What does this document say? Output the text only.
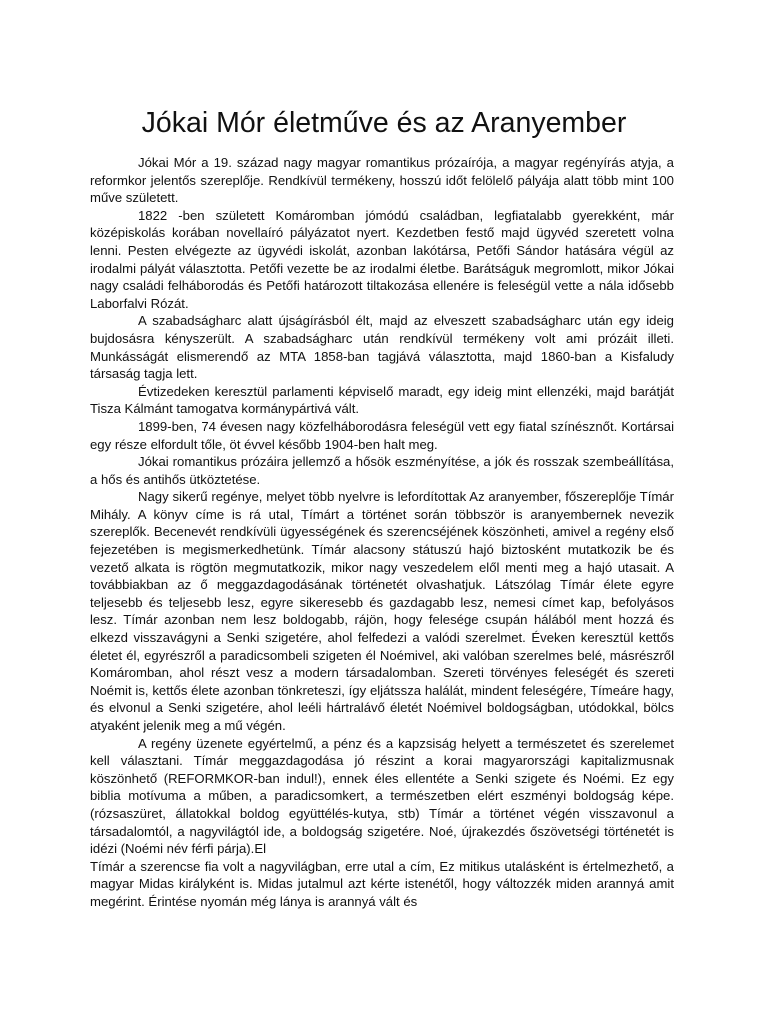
Jókai Mór életműve és az Aranyember

Jókai Mór a 19. század nagy magyar romantikus prózaírója, a magyar regényírás atyja, a reformkor jelentős szereplője. Rendkívül termékeny, hosszú időt felölelő pályája alatt több mint 100 műve született.

1822 -ben született Komáromban jómódú családban, legfiatalabb gyerekként, már középiskolás korában novellaíró pályázatot nyert. Kezdetben festő majd ügyvéd szeretett volna lenni. Pesten elvégezte az ügyvédi iskolát, azonban lakótársa, Petőfi Sándor hatására végül az irodalmi pályát választotta. Petőfi vezette be az irodalmi életbe. Barátságuk megromlott, mikor Jókai nagy családi felháborodás és Petőfi határozott tiltakozása ellenére is feleségül vette a nála idősebb Laborfalvi Rózát.

A szabadságharc alatt újságírásból élt, majd az elveszett szabadságharc után egy ideig bujdosásra kényszerült. A szabadságharc után rendkívül termékeny volt ami prózáit illeti. Munkásságát elismerendő az MTA 1858-ban tagjává választotta, majd 1860-ban a Kisfaludy társaság tagja lett.

Évtizedeken keresztül parlamenti képviselő maradt, egy ideig mint ellenzéki, majd barátját Tisza Kálmánt tamogatva kormánypártivá vált.

1899-ben, 74 évesen nagy közfelháborodásra feleségül vett egy fiatal színésznőt. Kortársai egy része elfordult tőle, öt évvel később 1904-ben halt meg.

Jókai romantikus prózáira jellemző a hősök eszményítése, a jók és rosszak szembeállítása, a hős és antihős ütköztetése.

Nagy sikerű regénye, melyet több nyelvre is lefordítottak Az aranyember, főszereplője Tímár Mihály. A könyv címe is rá utal, Tímárt a történet során többször is aranyembernek nevezik szereplők. Becenevét rendkívüli ügyességének és szerencséjének köszönheti, amivel a regény első fejezetében is megismerkedhetünk. Tímár alacsony státuszú hajó biztosként mutatkozik be és vezető alkata is rögtön megmutatkozik, mikor nagy veszedelem elől menti meg a hajó utasait. A továbbiakban az ő meggazdagodásának történetét olvashatjuk. Látszólag Tímár élete egyre teljesebb és teljesebb lesz, egyre sikeresebb és gazdagabb lesz, nemesi címet kap, befolyásos lesz. Tímár azonban nem lesz boldogabb, rájön, hogy felesége csupán hálából ment hozzá és elkezd visszavágyni a Senki szigetére, ahol felfedezi a valódi szerelmet. Éveken keresztül kettős életet él, egyrészről a paradicsombeli szigeten él Noémivel, aki valóban szerelmes belé, másrészről Komáromban, ahol részt vesz a modern társadalomban. Szereti törvényes feleségét és szereti Noémit is, kettős élete azonban tönkreteszi, így eljátssza halálát, mindent feleségére, Tímeáre hagy, és elvonul a Senki szigetére, ahol leéli hártralávő életét Noémivel boldogságban, utódokkal, bölcs atyaként jelenik meg a mű végén.

A regény üzenete egyértelmű, a pénz és a kapzsiság helyett a természetet és szerelemet kell választani. Tímár meggazdagodása jó részint a korai magyarországi kapitalizmusnak köszönhető (REFORMKOR-ban indul!), ennek éles ellentéte a Senki szigete és Noémi. Ez egy biblia motívuma a műben, a paradicsomkert, a természetben elért eszményi boldogság képe.(rózsaszüret, állatokkal boldog együttélés-kutya, stb) Tímár a történet végén visszavonul a társadalomtól, a nagyvilágtól ide, a boldogság szigetére. Noé, újrakezdés őszövetségi történetét is idézi (Noémi név férfi párja).El

Tímár a szerencse fia volt a nagyvilágban, erre utal a cím, Ez mitikus utalásként is értelmezhető, a magyar Midas királyként is. Midas jutalmul azt kérte istenétől, hogy változzék miden arannyá amit megérint. Érintése nyomán még lánya is arannyá vált és
